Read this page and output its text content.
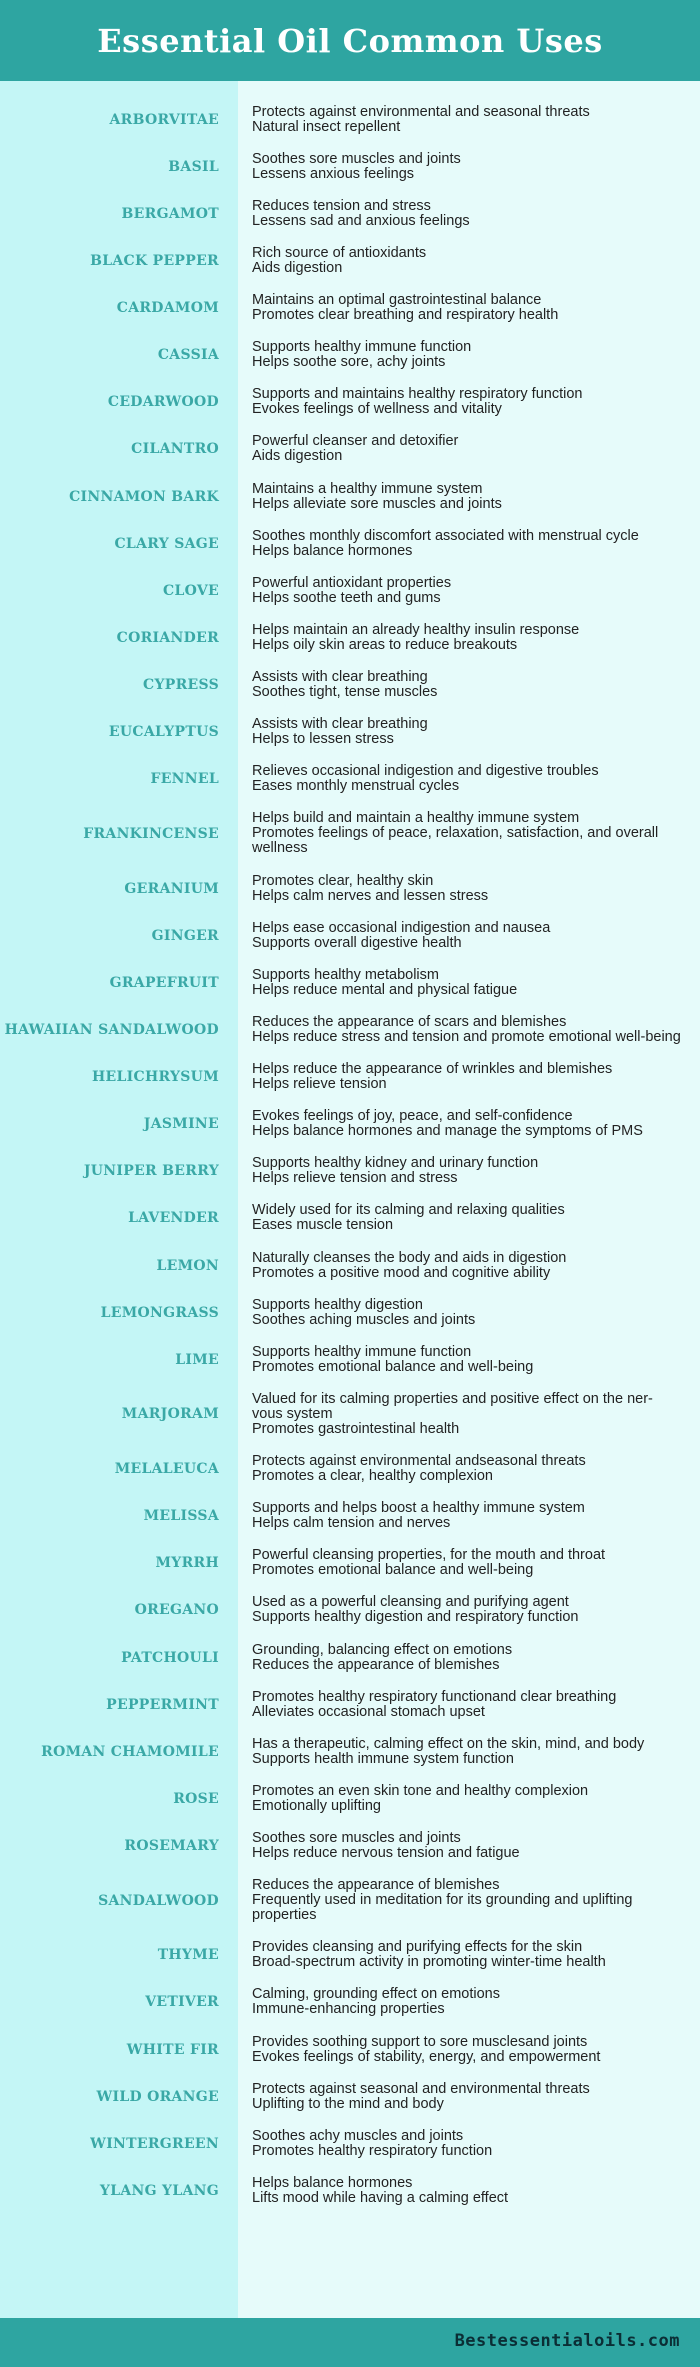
Essential Oil Common Uses
ARBORVITAE Protects against environmental and seasonal threats
Natural insect repellent
BASIL Soothes sore muscles and joints
Lessens anxious feelings
BERGAMOT Reduces tension and stress
Lessens sad and anxious feelings
BLACK PEPPER Rich source of antioxidants
Aids digestion
CARDAMOM Maintains an optimal gastrointestinal balance
Promotes clear breathing and respiratory health
CASSIA Supports healthy immune function
Helps soothe sore, achy joints
CEDARWOOD Supports and maintains healthy respiratory function
Evokes feelings of wellness and vitality
CILANTRO Powerful cleanser and detoxifier
Aids digestion
CINNAMON BARK Maintains a healthy immune system
Helps alleviate sore muscles and joints
CLARY SAGE Soothes monthly discomfort associated with menstrual cycle
Helps balance hormones
CLOVE Powerful antioxidant properties
Helps soothe teeth and gums
CORIANDER Helps maintain an already healthy insulin response
Helps oily skin areas to reduce breakouts
CYPRESS Assists with clear breathing
Soothes tight, tense muscles
EUCALYPTUS Assists with clear breathing
Helps to lessen stress
FENNEL Relieves occasional indigestion and digestive troubles
Eases monthly menstrual cycles
FRANKINCENSE
Helps build and maintain a healthy immune system
Promotes feelings of peace, relaxation, satisfaction, and overall wellness
GERANIUM Promotes clear, healthy skin
Helps calm nerves and lessen stress
GINGER Helps ease occasional indigestion and nausea
Supports overall digestive health
GRAPEFRUIT Supports healthy metabolism
Helps reduce mental and physical fatigue
HAWAIIAN SANDALWOOD Reduces the appearance of scars and blemishes
Helps reduce stress and tension and promote emotional well-being
HELICHRYSUM Helps reduce the appearance of wrinkles and blemishes
Helps relieve tension
JASMINE Evokes feelings of joy, peace, and self-confidence
Helps balance hormones and manage the symptoms of PMS
JUNIPER BERRY Supports healthy kidney and urinary function
Helps relieve tension and stress
LAVENDER Widely used for its calming and relaxing qualities
Eases muscle tension
LEMON Naturally cleanses the body and aids in digestion
Promotes a positive mood and cognitive ability
LEMONGRASS Supports healthy digestion
Soothes aching muscles and joints
LIME Supports healthy immune function
Promotes emotional balance and well-being
MARJORAM
Valued for its calming properties and positive effect on the ner-vous system
Promotes gastrointestinal health
MELALEUCA Protects against environmental andseasonal threats
Promotes a clear, healthy complexion
MELISSA Supports and helps boost a healthy immune system
Helps calm tension and nerves
MYRRH Powerful cleansing properties, for the mouth and throat
Promotes emotional balance and well-being
OREGANO Used as a powerful cleansing and purifying agent
Supports healthy digestion and respiratory function
PATCHOULI Grounding, balancing effect on emotions
Reduces the appearance of blemishes
PEPPERMINT Promotes healthy respiratory functionand clear breathing
Alleviates occasional stomach upset
ROMAN CHAMOMILE Has a therapeutic, calming effect on the skin, mind, and body
Supports health immune system function
ROSE Promotes an even skin tone and healthy complexion
Emotionally uplifting
ROSEMARY Soothes sore muscles and joints
Helps reduce nervous tension and fatigue
SANDALWOOD
Reduces the appearance of blemishes
Frequently used in meditation for its grounding and uplifting properties
THYME Provides cleansing and purifying effects for the skin
Broad-spectrum activity in promoting winter-time health
VETIVER Calming, grounding effect on emotions
Immune-enhancing properties
WHITE FIR Provides soothing support to sore musclesand joints
Evokes feelings of stability, energy, and empowerment
WILD ORANGE Protects against seasonal and environmental threats
Uplifting to the mind and body
WINTERGREEN Soothes achy muscles and joints
Promotes healthy respiratory function
YLANG YLANG Helps balance hormones
Lifts mood while having a calming effect
Bestessentialoils.com
